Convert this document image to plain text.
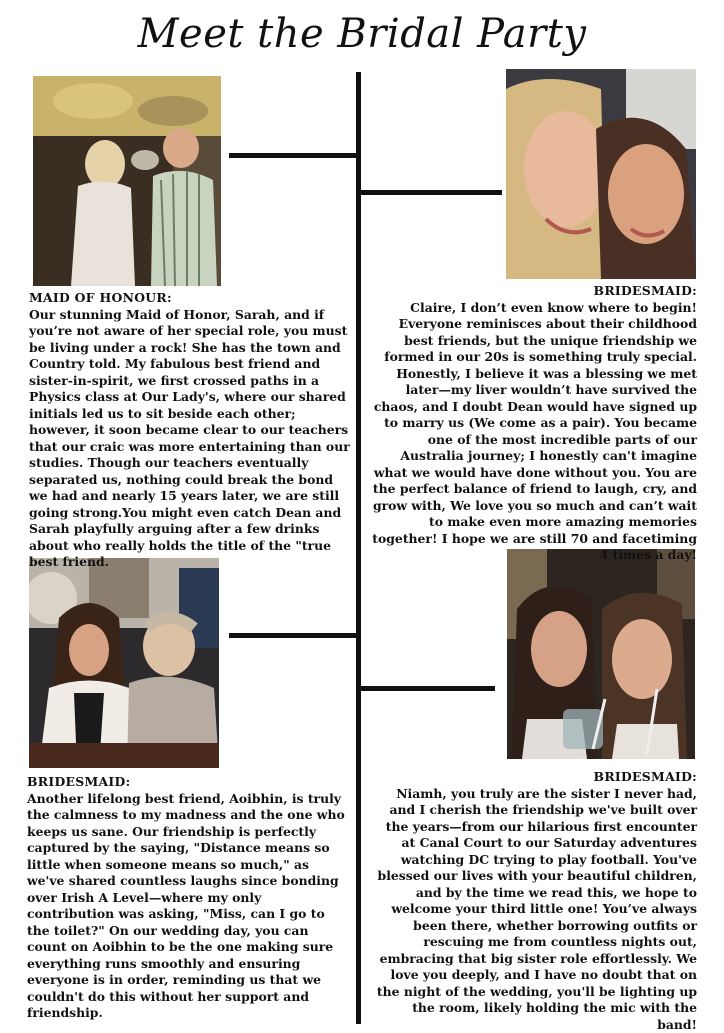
Meet the Bridal Party
MAID OF HONOUR:

Our stunning Maid of Honor, Sarah, and if you’re not aware of her special role, you must be living under a rock! She has the town and Country told. My fabulous best friend and sister-in-spirit, we first crossed paths in a Physics class at Our Lady's, where our shared initials led us to sit beside each other; however, it soon became clear to our teachers that our craic was more entertaining than our studies. Though our teachers eventually separated us, nothing could break the bond we had and nearly 15 years later, we are still going strong.You might even catch Dean and Sarah playfully arguing after a few drinks about who really holds the title of the "true best friend.

BRIDESMAID:

Claire, I don’t even know where to begin! Everyone reminisces about their childhood best friends, but the unique friendship we formed in our 20s is something truly special. Honestly, I believe it was a blessing we met later—my liver wouldn’t have survived the chaos, and I doubt Dean would have signed up to marry us (We come as a pair). You became one of the most incredible parts of our Australia journey; I honestly can't imagine what we would have done without you. You are the perfect balance of friend to laugh, cry, and grow with, We love you so much and can’t wait to make even more amazing memories together! I hope we are still 70 and facetiming 4 times a day!

BRIDESMAID:

Another lifelong best friend, Aoibhin, is truly the calmness to my madness and the one who keeps us sane. Our friendship is perfectly captured by the saying, "Distance means so little when someone means so much," as we've shared countless laughs since bonding over Irish A Level—where my only contribution was asking, "Miss, can I go to the toilet?" On our wedding day, you can count on Aoibhin to be the one making sure everything runs smoothly and ensuring everyone is in order, reminding us that we couldn't do this without her support and friendship.

BRIDESMAID:

Niamh, you truly are the sister I never had, and I cherish the friendship we've built over the years—from our hilarious first encounter at Canal Court to our Saturday adventures watching DC trying to play football. You've blessed our lives with your beautiful children, and by the time we read this, we hope to welcome your third little one! You’ve always been there, whether borrowing outfits or rescuing me from countless nights out, embracing that big sister role effortlessly. We love you deeply, and I have no doubt that on the night of the wedding, you'll be lighting up the room, likely holding the mic with the band!
